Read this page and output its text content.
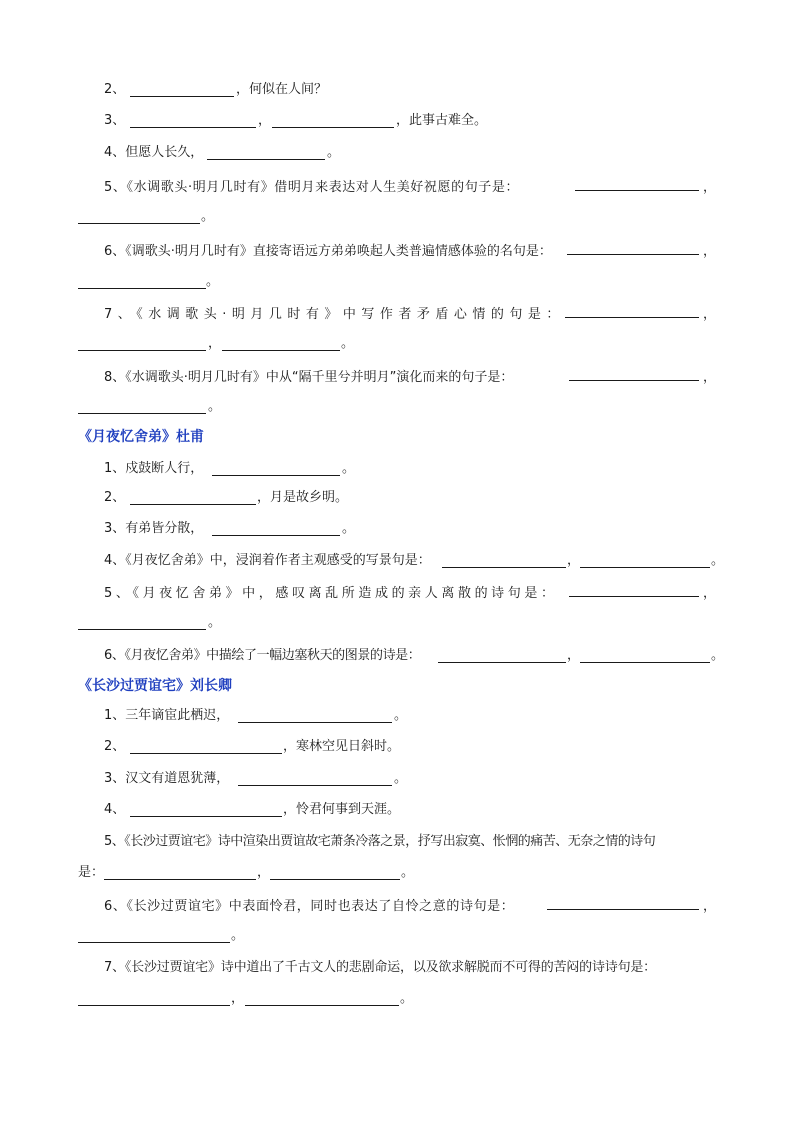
2、	，何似在人间？
3、	，	，此事古难全。
4、但愿人长久，	。
5、《水调歌头·明月几时有》借明月来表达对人生美好祝愿的句子是：	，
。
6、《调歌头·明月几时有》直接寄语远方弟弟唤起人类普遍情感体验的名句是：	，
。
7、《水调歌头·明月几时有》中写作者矛盾心情的句是：	，
，	。
8、《水调歌头·明月几时有》中从“隔千里兮并明月”演化而来的句子是：	，
。
《月夜忆舍弟》杜甫
1、戍鼓断人行，	。
2、	，月是故乡明。
3、有弟皆分散，	。
4、《月夜忆舍弟》中，浸润着作者主观感受的写景句是：	，	。
5、《月夜忆舍弟》中，感叹离乱所造成的亲人离散的诗句是：	，
。
6、《月夜忆舍弟》中描绘了一幅边塞秋天的图景的诗是：	，	。
《长沙过贾谊宅》刘长卿
1、三年谪宦此栖迟，	。
2、	，寒林空见日斜时。
3、汉文有道恩犹薄，	。
4、	，怜君何事到天涯。
5、《长沙过贾谊宅》诗中渲染出贾谊故宅萧条冷落之景，抒写出寂寞、怅惘的痛苦、无奈之情的诗句
是：	，	。
6、《长沙过贾谊宅》中表面怜君，同时也表达了自怜之意的诗句是：	，
。
7、《长沙过贾谊宅》诗中道出了千古文人的悲剧命运，以及欲求解脱而不可得的苦闷的诗诗句是：
，	。
